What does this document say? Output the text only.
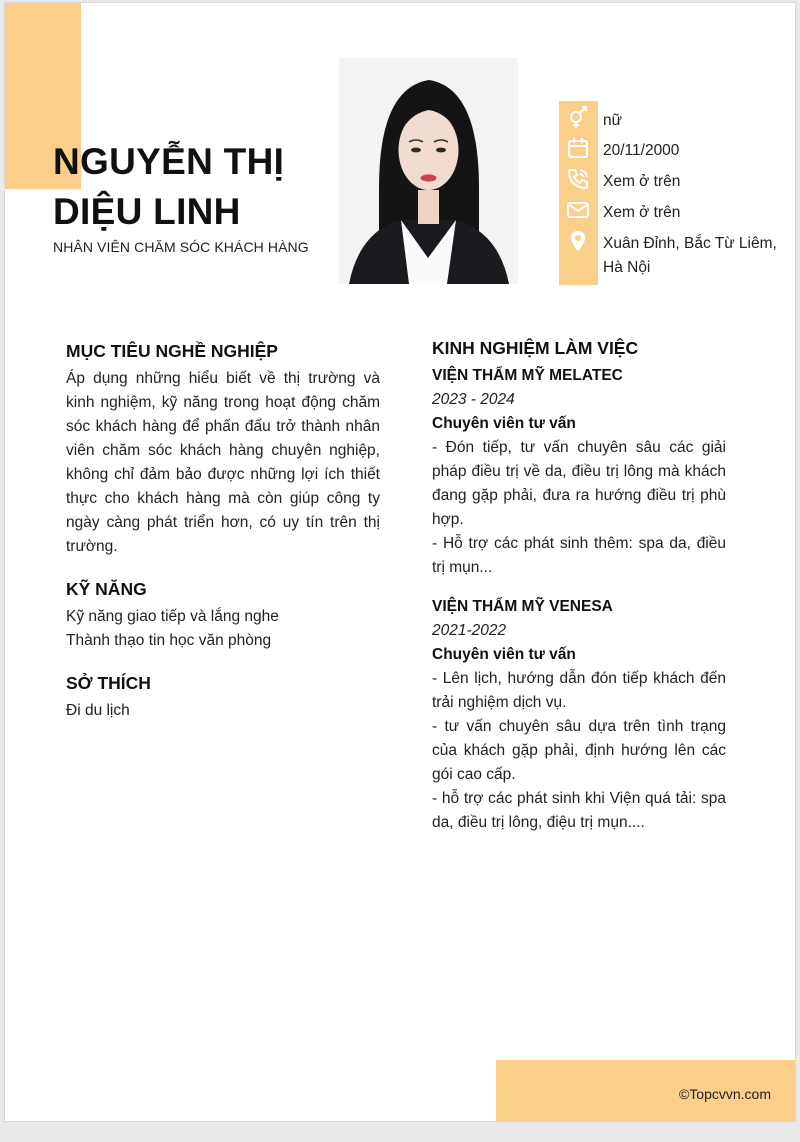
NGUYỄN THỊ
DIỆU LINH
NHÂN VIÊN CHĂM SÓC KHÁCH HÀNG
nữ
20/11/2000
Xem ở trên
Xem ở trên
Xuân Đỉnh, Bắc Từ Liêm,
Hà Nội
MỤC TIÊU NGHỀ NGHIỆP
Áp dụng những hiểu biết về thị trường và kinh nghiệm, kỹ năng trong hoạt động chăm sóc khách hàng để phấn đấu trở thành nhân viên chăm sóc khách hàng chuyên nghiệp, không chỉ đảm bảo được những lợi ích thiết thực cho khách hàng mà còn giúp công ty ngày càng phát triển hơn, có uy tín trên thị trường.
KỸ NĂNG
Kỹ năng giao tiếp và lắng nghe
Thành thạo tin học văn phòng
SỞ THÍCH
Đi du lịch
KINH NGHIỆM LÀM VIỆC
VIỆN THẨM MỸ MELATEC
2023 - 2024
Chuyên viên tư vấn
- Đón tiếp, tư vấn chuyên sâu các giải pháp điều trị về da, điều trị lông mà khách đang gặp phải, đưa ra hướng điều trị phù hợp.
- Hỗ trợ các phát sinh thêm: spa da, điều trị mụn...
VIỆN THẨM MỸ VENESA
2021-2022
Chuyên viên tư vấn
- Lên lịch, hướng dẫn đón tiếp khách đến trải nghiệm dịch vụ.
- tư vấn chuyên sâu dựa trên tình trạng của khách gặp phải, định hướng lên các gói cao cấp.
- hỗ trợ các phát sinh khi Viện quá tải: spa da, điều trị lông, điệu trị mụn....
©Topcvvn.com
